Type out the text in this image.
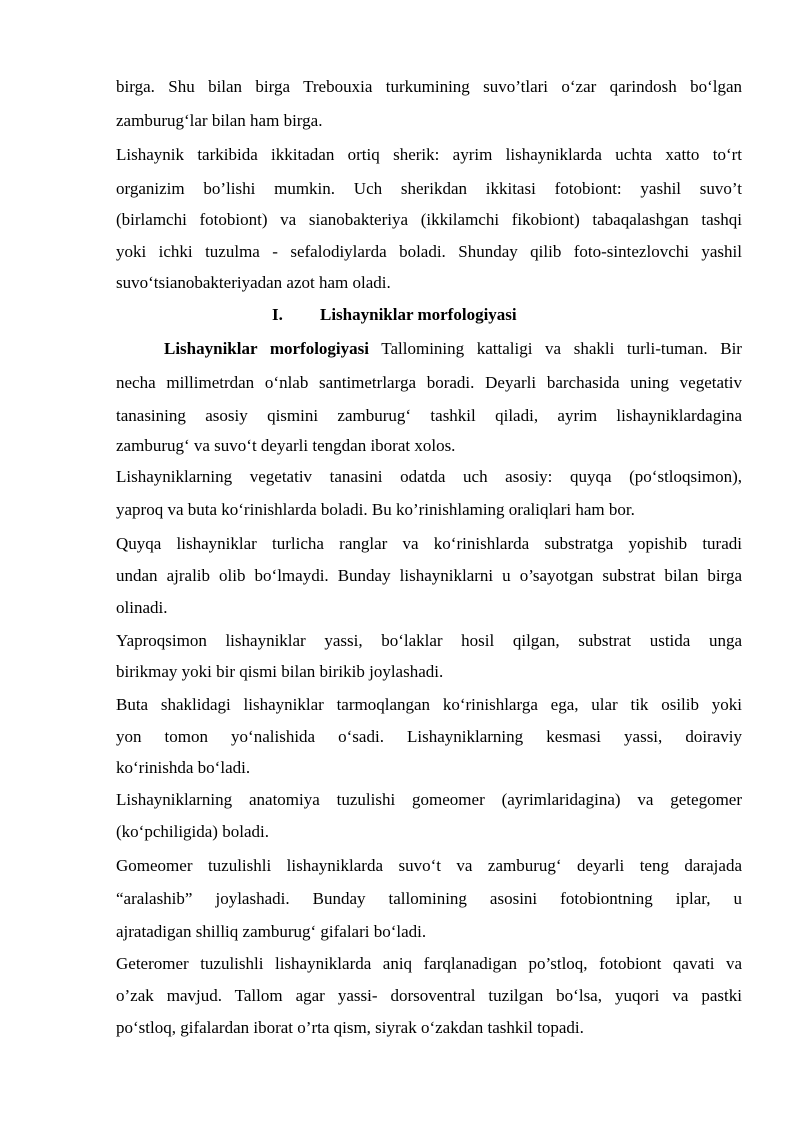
birga. Shu bilan birga Trebouxia turkumining suvo’tlari o‘zar qarindosh bo‘lgan
zamburug‘lar bilan ham birga.
Lishaynik tarkibida ikkitadan ortiq sherik: ayrim lishayniklarda uchta xatto to‘rt
organizim bo’lishi mumkin. Uch sherikdan ikkitasi fotobiont: yashil suvo’t
(birlamchi fotobiont) va sianobakteriya (ikkilamchi fikobiont) tabaqalashgan tashqi
yoki ichki tuzulma - sefalodiylarda boladi. Shunday qilib foto-sintezlovchi yashil
suvo‘tsianobakteriyadan azot ham oladi.
I. Lishayniklar morfologiyasi
Lishayniklar morfologiyasi Tallomining kattaligi va shakli turli-tuman. Bir
necha millimetrdan o‘nlab santimetrlarga boradi. Deyarli barchasida uning vegetativ
tanasining asosiy qismini zamburug‘ tashkil qiladi, ayrim lishayniklardagina
zamburug‘ va suvo‘t deyarli tengdan iborat xolos.
Lishayniklarning vegetativ tanasini odatda uch asosiy: quyqa (po‘stloqsimon),
yaproq va buta ko‘rinishlarda boladi. Bu ko’rinishlaming oraliqlari ham bor.
Quyqa lishayniklar turlicha ranglar va ko‘rinishlarda substratga yopishib turadi
undan ajralib olib bo‘lmaydi. Bunday lishayniklarni u o’sayotgan substrat bilan birga
olinadi.
Yaproqsimon lishayniklar yassi, bo‘laklar hosil qilgan, substrat ustida unga
birikmay yoki bir qismi bilan birikib joylashadi.
Buta shaklidagi lishayniklar tarmoqlangan ko‘rinishlarga ega, ular tik osilib yoki
yon tomon yo‘nalishida o‘sadi. Lishayniklarning kesmasi yassi, doiraviy
ko‘rinishda bo‘ladi.
Lishayniklarning anatomiya tuzulishi gomeomer (ayrimlaridagina) va getegomer
(ko‘pchiligida) boladi.
Gomeomer tuzulishli lishayniklarda suvo‘t va zamburug‘ deyarli teng darajada
“aralashib” joylashadi. Bunday tallomining asosini fotobiontning iplar, u
ajratadigan shilliq zamburug‘ gifalari bo‘ladi.
Geteromer tuzulishli lishayniklarda aniq farqlanadigan po’stloq, fotobiont qavati va
o’zak mavjud. Tallom agar yassi- dorsoventral tuzilgan bo‘lsa, yuqori va pastki
po‘stloq, gifalardan iborat o’rta qism, siyrak o‘zakdan tashkil topadi.
